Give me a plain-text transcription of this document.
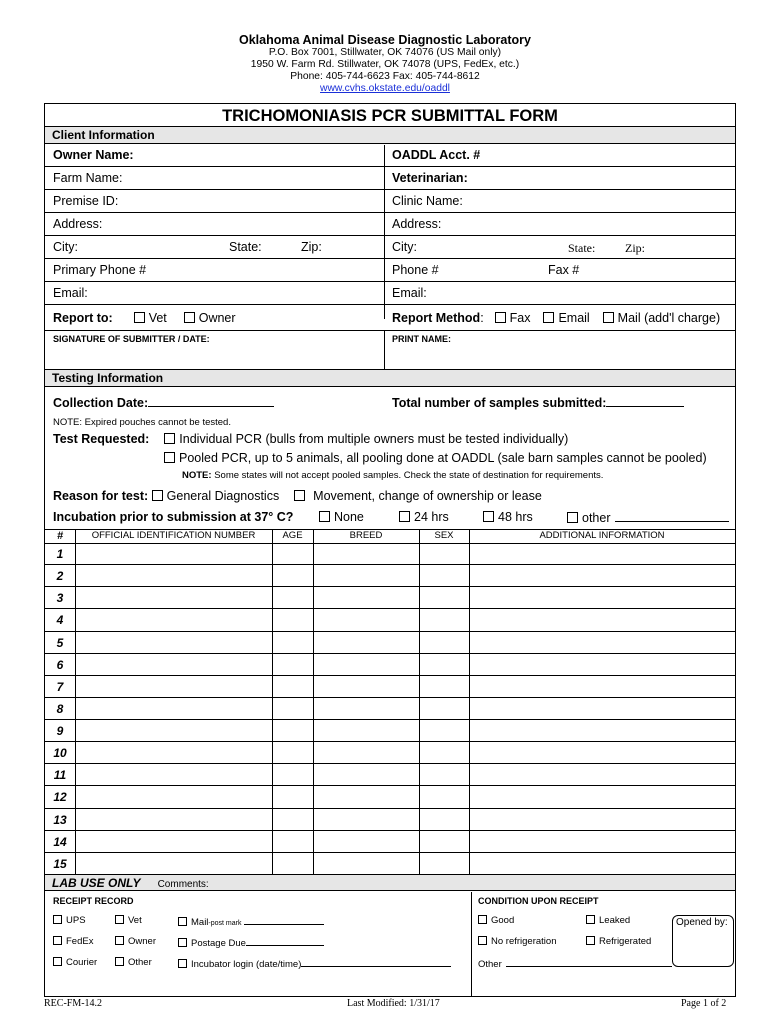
Oklahoma Animal Disease Diagnostic Laboratory
P.O. Box 7001, Stillwater, OK 74076 (US Mail only)
1950 W. Farm Rd. Stillwater, OK 74078 (UPS, FedEx, etc.)
Phone: 405-744-6623 Fax: 405-744-8612
www.cvhs.okstate.edu/oaddl
TRICHOMONIASIS PCR SUBMITTAL FORM
Client Information
Owner Name:	OADDL Acct. #
Farm Name:	Veterinarian:
Premise ID:	Clinic Name:
Address:	Address:
City:	State:	Zip:	City:	State: Zip:
Primary Phone #	Phone #	Fax #
Email:	Email:
Report to:	Vet	Owner	Report Method:  Fax Email Mail (add'l charge)
SIGNATURE OF SUBMITTER / DATE:	PRINT NAME:
Testing Information
Collection Date:	Total number of samples submitted:
NOTE: Expired pouches cannot be tested.
Test Requested: Individual PCR (bulls from multiple owners must be tested individually)
Pooled PCR, up to 5 animals, all pooling done at OADDL (sale barn samples cannot be pooled)
NOTE: Some states will not accept pooled samples. Check the state of destination for requirements.
Reason for test: General Diagnostics	Movement, change of ownership or lease
Incubation prior to submission at 37° C?	None	24 hrs	48 hrs	other
#	OFFICIAL IDENTIFICATION NUMBER	AGE	BREED	SEX	ADDITIONAL INFORMATION
1
2
3
4
5
6
7
8
9
10
11
12
13
14
15
LAB USE ONLY Comments:
RECEIPT RECORD	CONDITION UPON RECEIPT
UPS	Vet	Mail-post mark	Good	Leaked
FedEx	Owner	Postage Due	No refrigeration	Refrigerated
Courier	Other	Incubator login (date/time)	Other
Opened by:
REC-FM-14.2	Last Modified: 1/31/17	Page 1 of 2
